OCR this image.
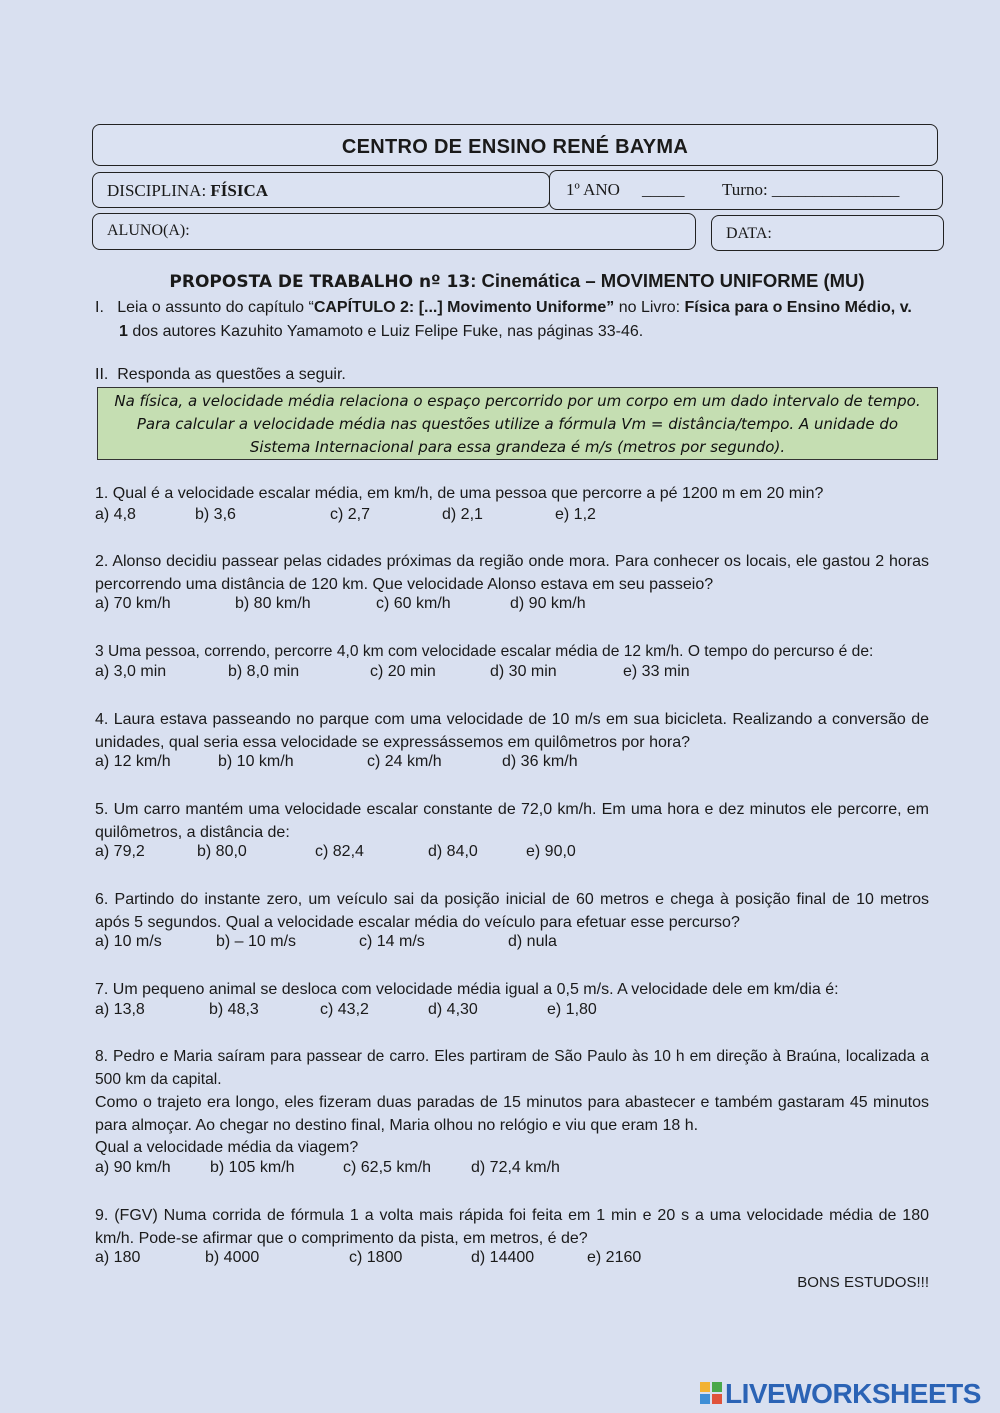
CENTRO DE ENSINO RENÉ BAYMA
DISCIPLINA: FÍSICA	1º ANO _____ Turno: _______________
ALUNO(A):	DATA:
PROPOSTA DE TRABALHO nº 13: Cinemática – MOVIMENTO UNIFORME (MU)
I. Leia o assunto do capítulo “CAPÍTULO 2: [...] Movimento Uniforme” no Livro: Física para o Ensino Médio, v.
1 dos autores Kazuhito Yamamoto e Luiz Felipe Fuke, nas páginas 33-46.
II. Responda as questões a seguir.
Na física, a velocidade média relaciona o espaço percorrido por um corpo em um dado intervalo de tempo.
Para calcular a velocidade média nas questões utilize a fórmula Vm = distância/tempo. A unidade do
Sistema Internacional para essa grandeza é m/s (metros por segundo).
1. Qual é a velocidade escalar média, em km/h, de uma pessoa que percorre a pé 1200 m em 20 min?
a) 4,8	b) 3,6	c) 2,7	d) 2,1	e) 1,2
2. Alonso decidiu passear pelas cidades próximas da região onde mora. Para conhecer os locais, ele gastou 2 horas percorrendo uma distância de 120 km. Que velocidade Alonso estava em seu passeio?
a) 70 km/h	b) 80 km/h	c) 60 km/h	d) 90 km/h
3 Uma pessoa, correndo, percorre 4,0 km com velocidade escalar média de 12 km/h. O tempo do percurso é de:
a) 3,0 min	b) 8,0 min	c) 20 min	d) 30 min	e) 33 min
4. Laura estava passeando no parque com uma velocidade de 10 m/s em sua bicicleta. Realizando a conversão de unidades, qual seria essa velocidade se expressássemos em quilômetros por hora?
a) 12 km/h	b) 10 km/h	c) 24 km/h	d) 36 km/h
5. Um carro mantém uma velocidade escalar constante de 72,0 km/h. Em uma hora e dez minutos ele percorre, em quilômetros, a distância de:
a) 79,2	b) 80,0	c) 82,4	d) 84,0	e) 90,0
6. Partindo do instante zero, um veículo sai da posição inicial de 60 metros e chega à posição final de 10 metros após 5 segundos. Qual a velocidade escalar média do veículo para efetuar esse percurso?
a) 10 m/s	b) – 10 m/s	c) 14 m/s	d) nula
7. Um pequeno animal se desloca com velocidade média igual a 0,5 m/s. A velocidade dele em km/dia é:
a) 13,8	b) 48,3	c) 43,2	d) 4,30	e) 1,80
8. Pedro e Maria saíram para passear de carro. Eles partiram de São Paulo às 10 h em direção à Braúna, localizada a 500 km da capital.
Como o trajeto era longo, eles fizeram duas paradas de 15 minutos para abastecer e também gastaram 45 minutos para almoçar. Ao chegar no destino final, Maria olhou no relógio e viu que eram 18 h.
Qual a velocidade média da viagem?
a) 90 km/h b) 105 km/h	c) 62,5 km/h d) 72,4 km/h
9. (FGV) Numa corrida de fórmula 1 a volta mais rápida foi feita em 1 min e 20 s a uma velocidade média de 180 km/h. Pode-se afirmar que o comprimento da pista, em metros, é de?
a) 180	b) 4000	c) 1800	d) 14400	e) 2160
BONS ESTUDOS!!!
LIVEWORKSHEETS
